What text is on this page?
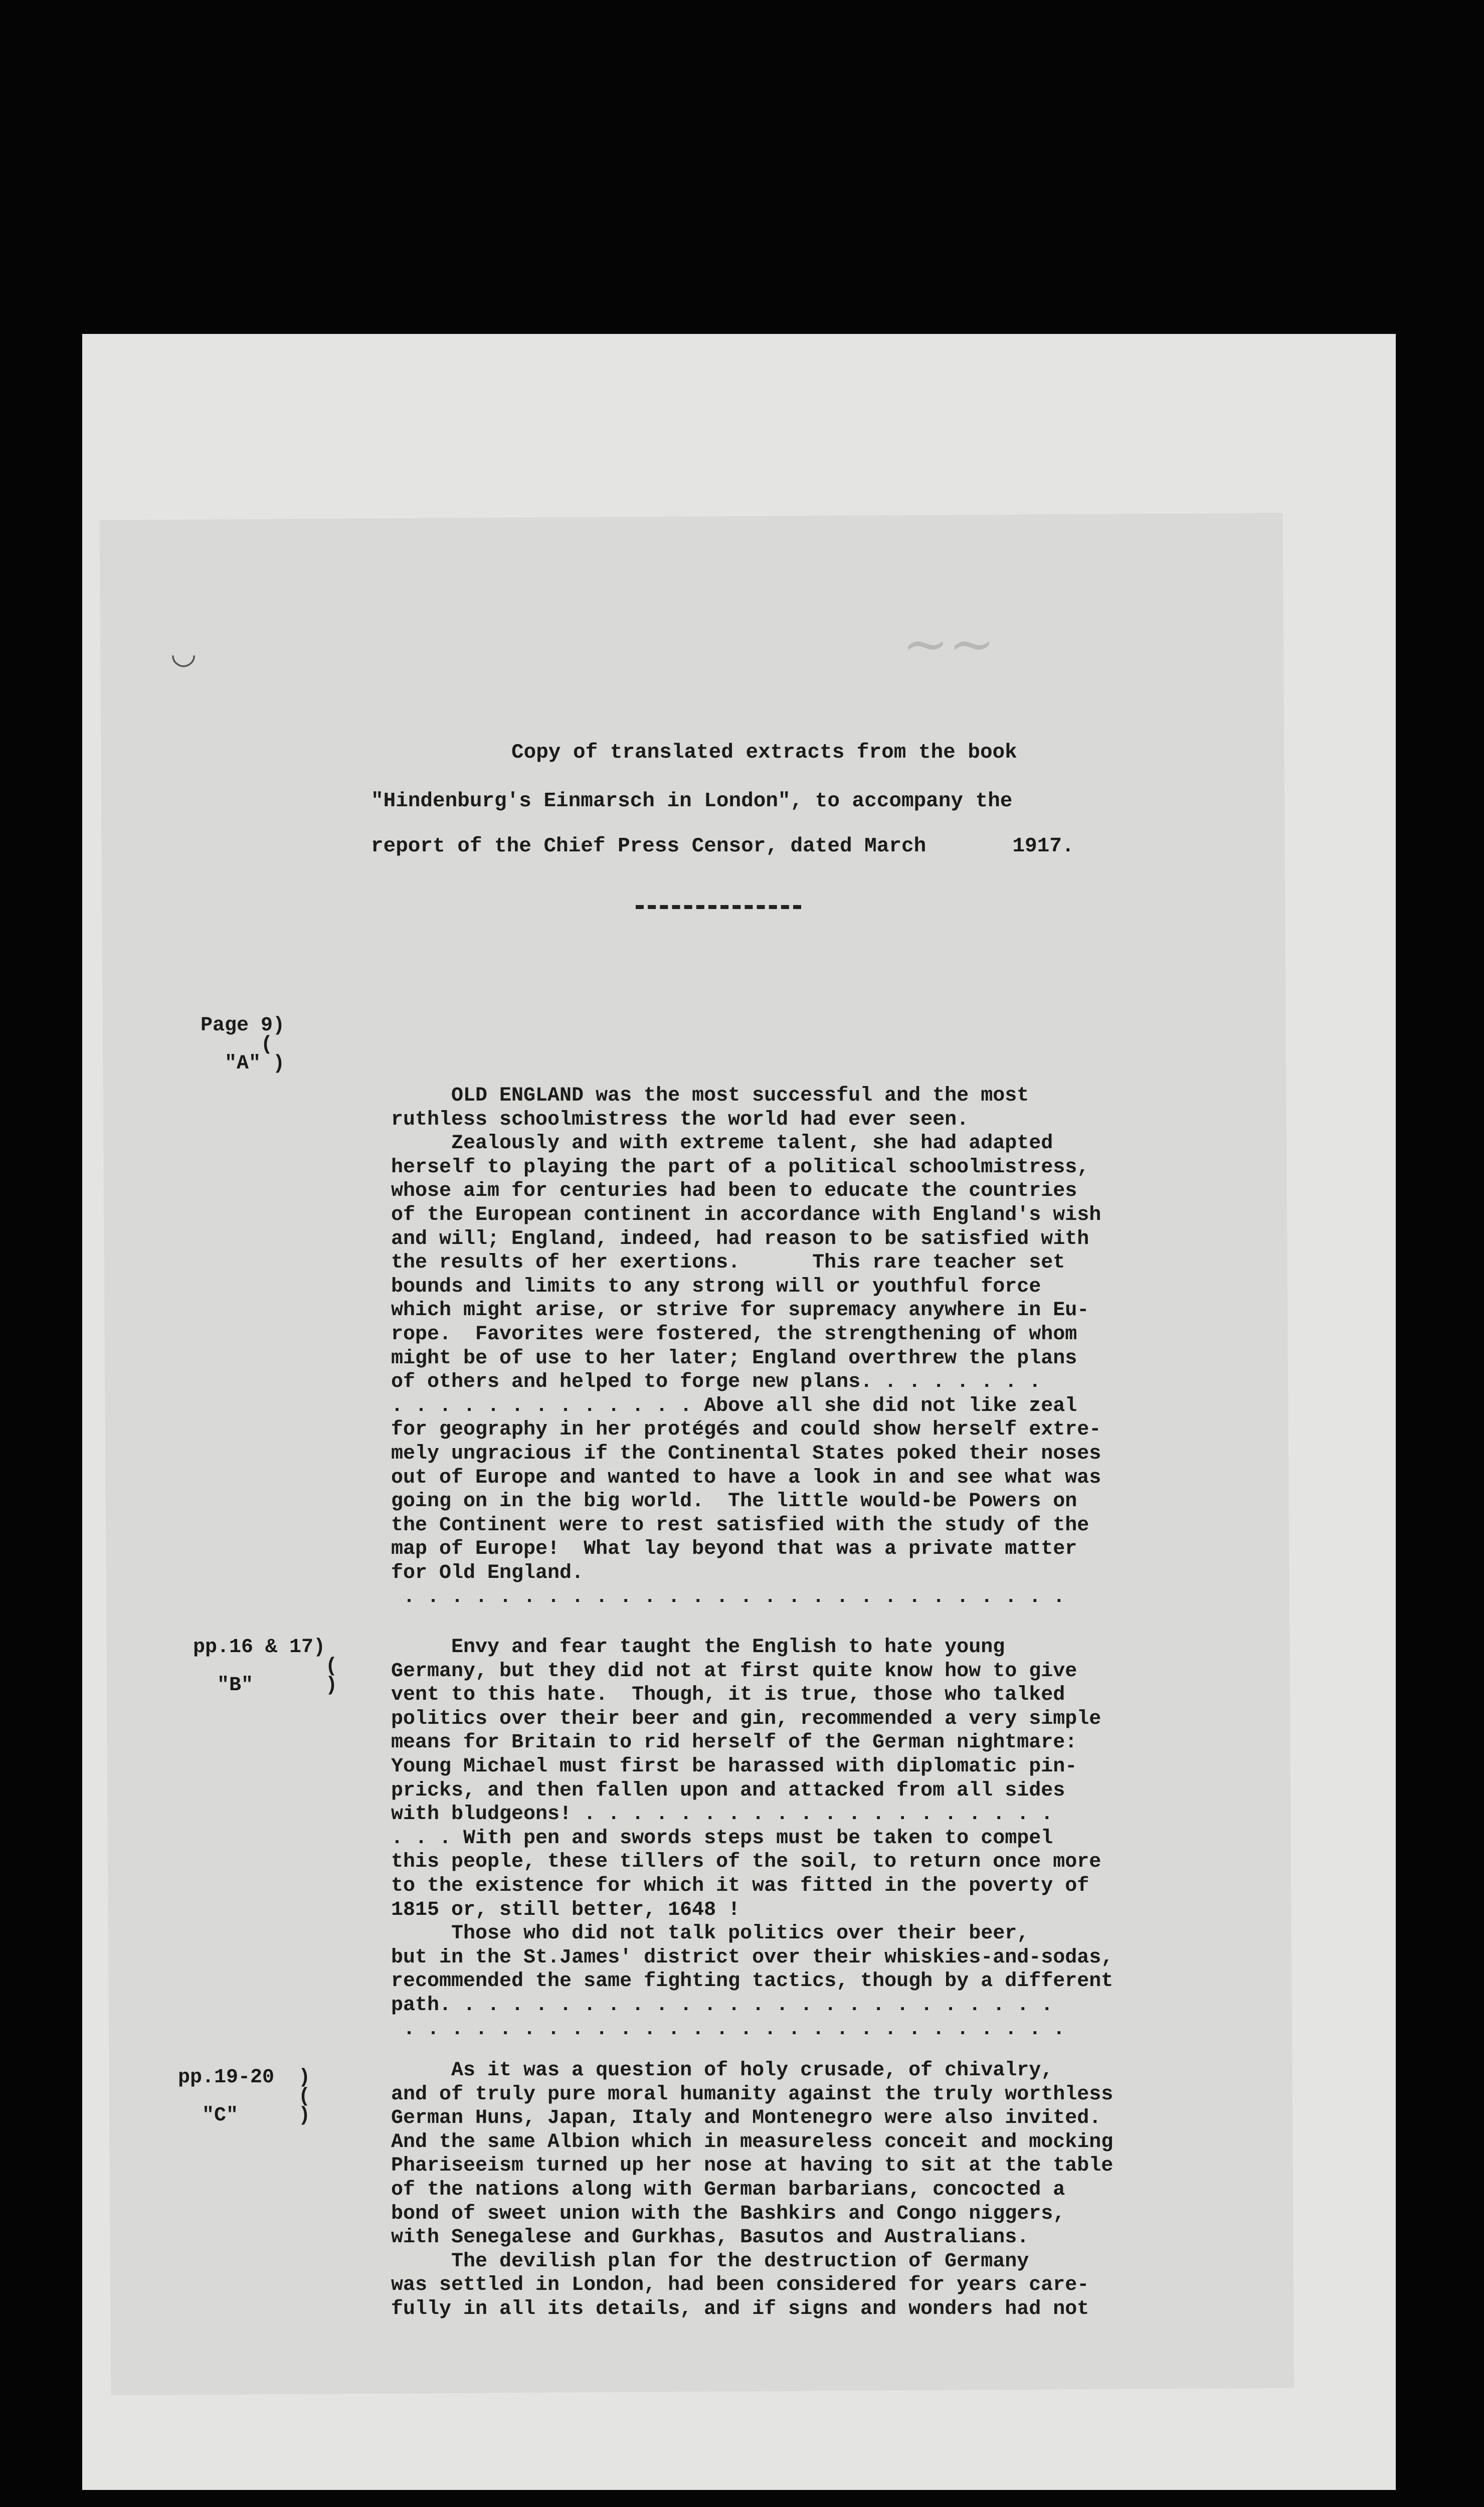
◡	~~
Copy of translated extracts from the book
"Hindenburg's Einmarsch in London", to accompany the
report of the Chief Press Censor, dated March       1917.
Page 9)
(
"A" )
OLD ENGLAND was the most successful and the most
ruthless schoolmistress the world had ever seen.
Zealously and with extreme talent, she had adapted
herself to playing the part of a political schoolmistress,
whose aim for centuries had been to educate the countries
of the European continent in accordance with England's wish
and will; England, indeed, had reason to be satisfied with
the results of her exertions.      This rare teacher set
bounds and limits to any strong will or youthful force
which might arise, or strive for supremacy anywhere in Eu-
rope.  Favorites were fostered, the strengthening of whom
might be of use to her later; England overthrew the plans
of others and helped to forge new plans. . . . . . . .
. . . . . . . . . . . . . Above all she did not like zeal
for geography in her protégés and could show herself extre-
mely ungracious if the Continental States poked their noses
out of Europe and wanted to have a look in and see what was
going on in the big world.  The little would-be Powers on
the Continent were to rest satisfied with the study of the
map of Europe!  What lay beyond that was a private matter
for Old England.
. . . . . . . . . . . . . . . . . . . . . . . . . . . .
pp.16 & 17)
(
"B"      )
Envy and fear taught the English to hate young
Germany, but they did not at first quite know how to give
vent to this hate.  Though, it is true, those who talked
politics over their beer and gin, recommended a very simple
means for Britain to rid herself of the German nightmare:
Young Michael must first be harassed with diplomatic pin-
pricks, and then fallen upon and attacked from all sides
with bludgeons! . . . . . . . . . . . . . . . . . . . .
. . . With pen and swords steps must be taken to compel
this people, these tillers of the soil, to return once more
to the existence for which it was fitted in the poverty of
1815 or, still better, 1648 !
Those who did not talk politics over their beer,
but in the St.James' district over their whiskies-and-sodas,
recommended the same fighting tactics, though by a different
path. . . . . . . . . . . . . . . . . . . . . . . . . .
. . . . . . . . . . . . . . . . . . . . . . . . . . . .
pp.19-20  )
(
"C"     )
As it was a question of holy crusade, of chivalry,
and of truly pure moral humanity against the truly worthless
German Huns, Japan, Italy and Montenegro were also invited.
And the same Albion which in measureless conceit and mocking
Phariseeism turned up her nose at having to sit at the table
of the nations along with German barbarians, concocted a
bond of sweet union with the Bashkirs and Congo niggers,
with Senegalese and Gurkhas, Basutos and Australians.
The devilish plan for the destruction of Germany
was settled in London, had been considered for years care-
fully in all its details, and if signs and wonders had not
